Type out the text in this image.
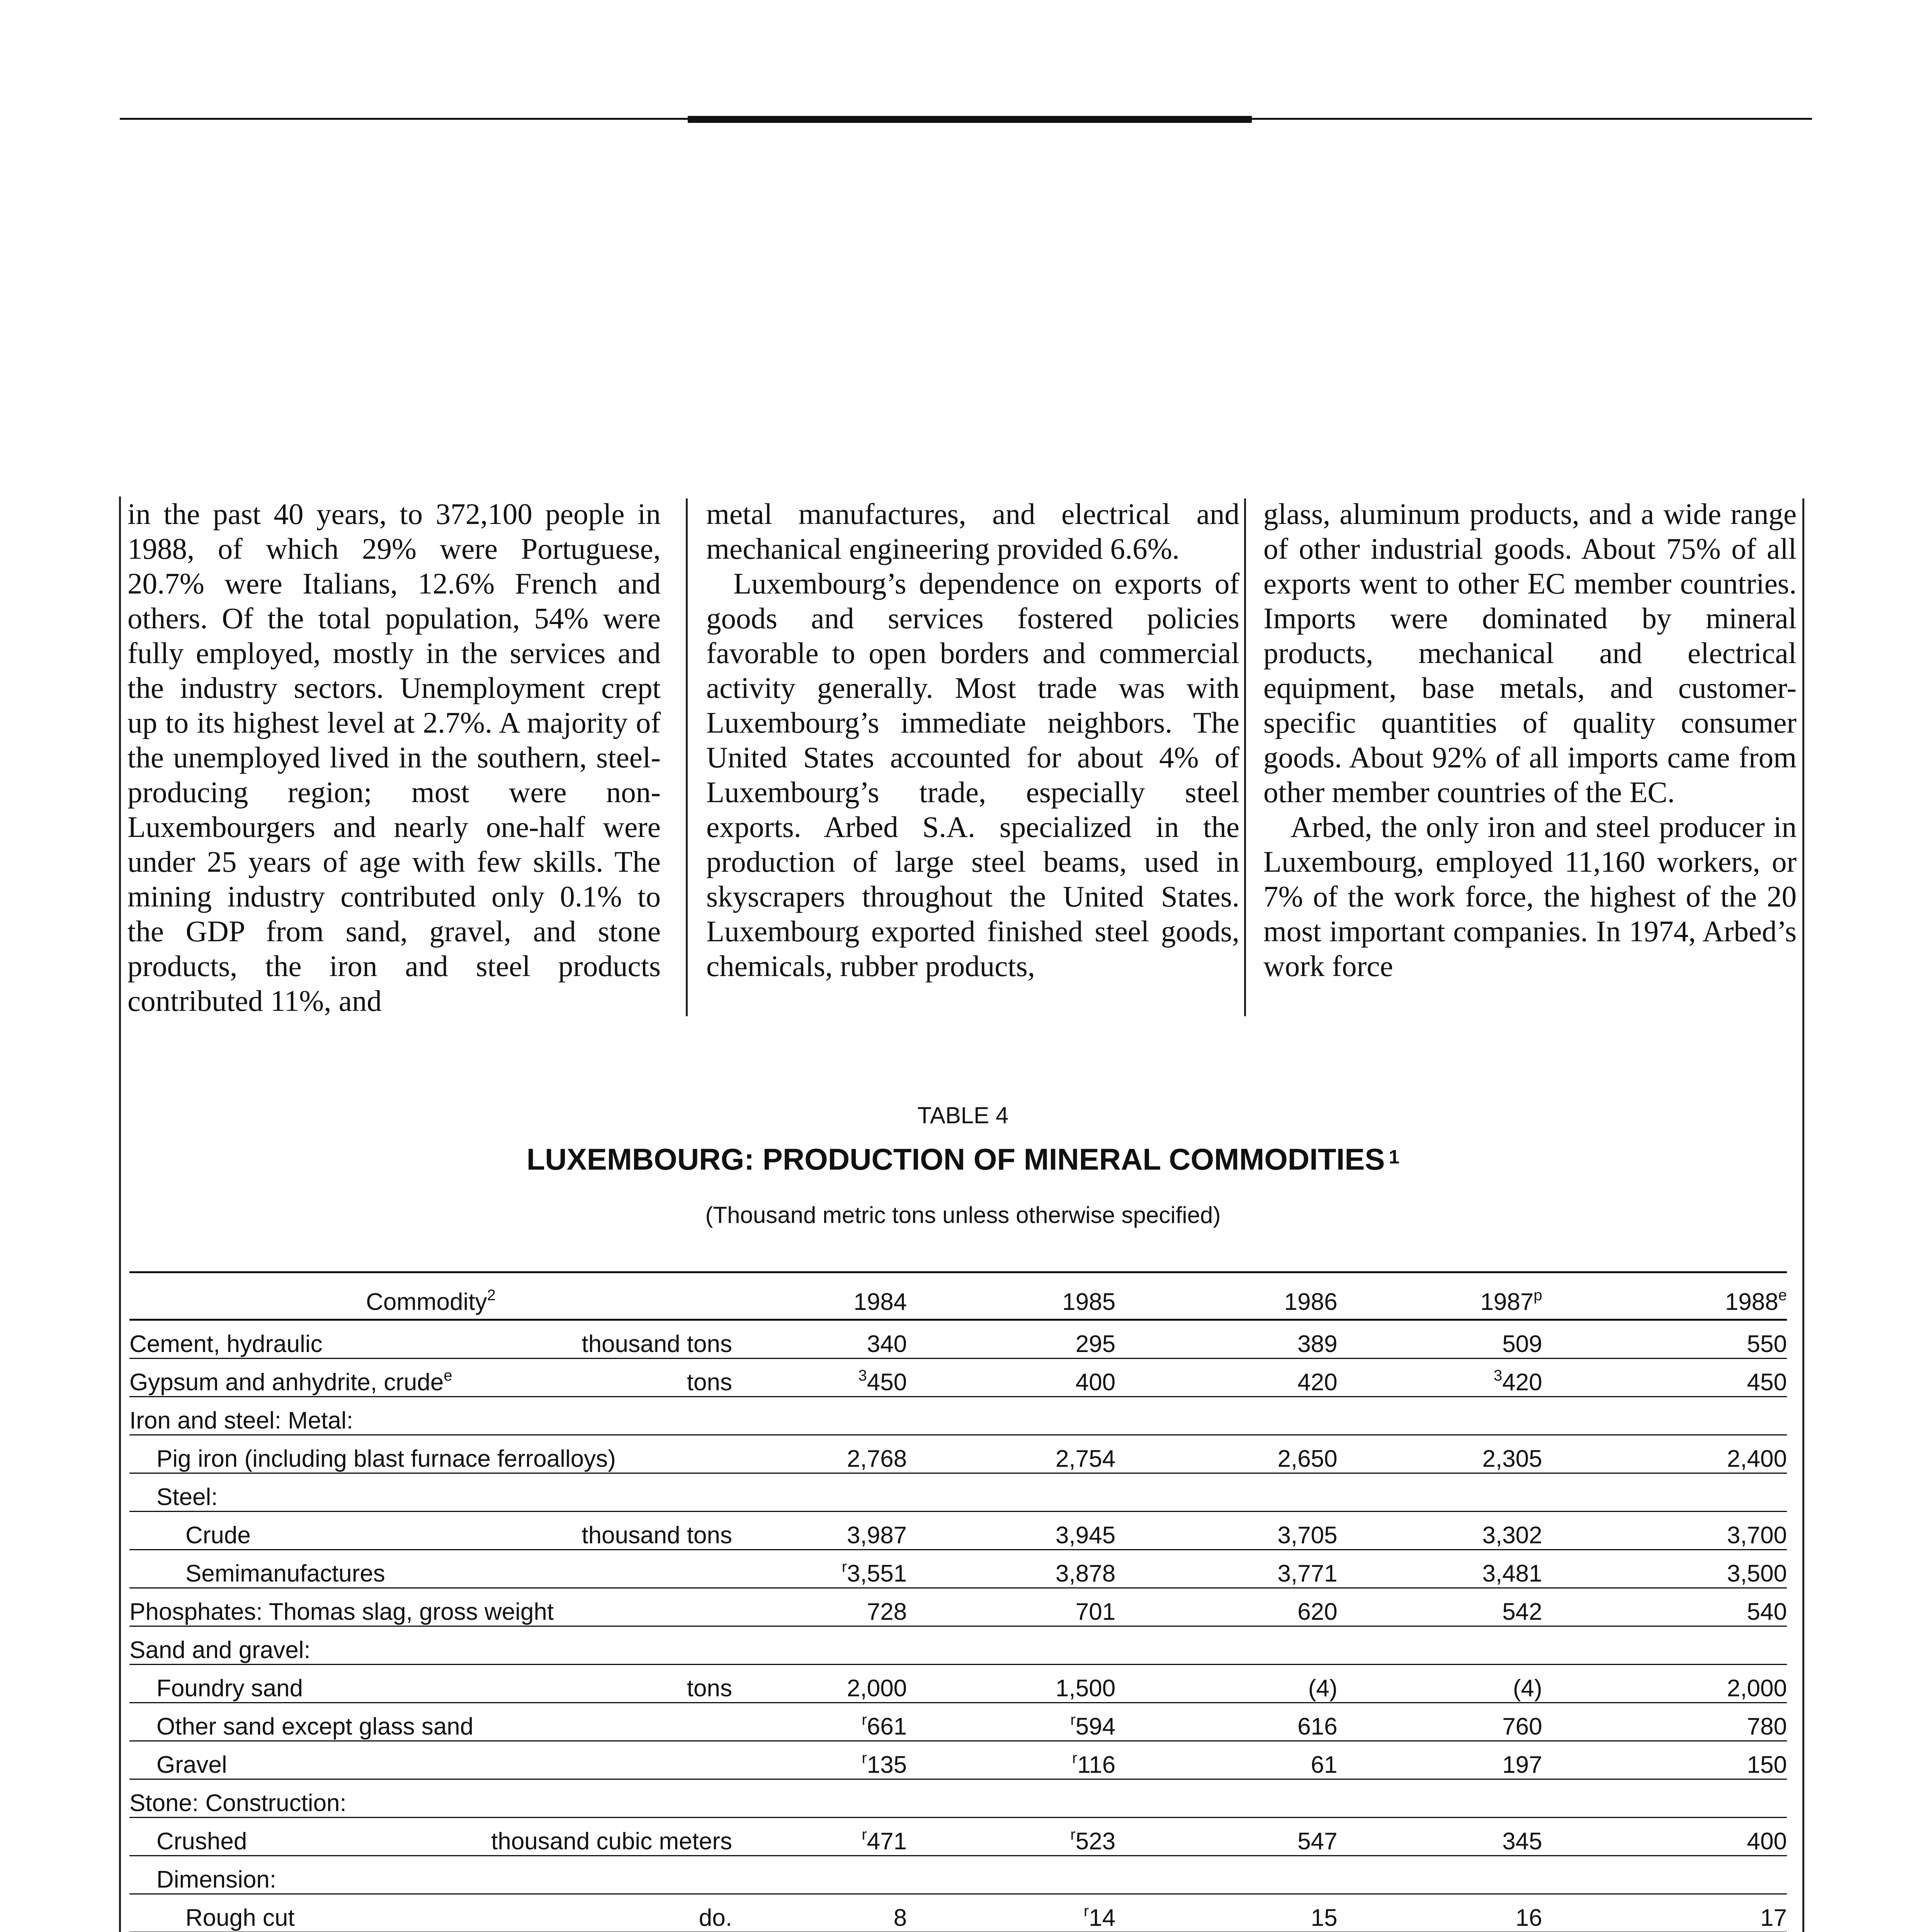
in the past 40 years, to 372,100 people in 1988, of which 29% were Portuguese, 20.7% were Italians, 12.6% French and others. Of the total population, 54% were fully employed, mostly in the services and the industry sectors. Unemployment crept up to its highest level at 2.7%. A majority of the unemployed lived in the southern, steel-producing region; most were non-Luxembourgers and nearly one-half were under 25 years of age with few skills. The mining industry contributed only 0.1% to the GDP from sand, gravel, and stone products, the iron and steel products contributed 11%, and

metal manufactures, and electrical and mechanical engineering provided 6.6%.

Luxembourg’s dependence on exports of goods and services fostered policies favorable to open borders and commercial activity generally. Most trade was with Luxembourg’s immediate neighbors. The United States accounted for about 4% of Luxembourg’s trade, especially steel exports. Arbed S.A. specialized in the production of large steel beams, used in skyscrapers throughout the United States. Luxembourg exported finished steel goods, chemicals, rubber products,

glass, aluminum products, and a wide range of other industrial goods. About 75% of all exports went to other EC member countries. Imports were dominated by mineral products, mechanical and electrical equipment, base metals, and customer-specific quantities of quality consumer goods. About 92% of all imports came from other member countries of the EC.

Arbed, the only iron and steel producer in Luxembourg, employed 11,160 workers, or 7% of the work force, the highest of the 20 most important companies. In 1974, Arbed’s work force

TABLE 4
LUXEMBOURG: PRODUCTION OF MINERAL COMMODITIES $^1$
(Thousand metric tons unless otherwise specified)
Commodity$^2$	1984	1985	1986	1987$^p$	1988e

Cement, hydraulic thousand tons	340	295	389	509	550

Gypsum and anhydrite, crude$^e$ tons	$^3$450	400	420	$^3$420	450

Iron and steel: Metal:					

Pig iron (including blast furnace ferroalloys)	2,768	2,754	2,650	2,305	2,400

Steel:					

Crude thousand tons	3,987	3,945	3,705	3,302	3,700

Semimanufactures	$^r$3,551	3,878	3,771	3,481	3,500

Phosphates: Thomas slag, gross weight	728	701	620	542	540

Sand and gravel:					

Foundry sand tons	2,000	1,500	(4)	(4)	2,000

Other sand except glass sand	$^r$661	$^r$594	616	760	780

Gravel	$^r$135	$^r$116	61	197	150

Stone: Construction:					

Crushed thousand cubic meters	$^r$471	$^r$523	547	345	400

Dimension:					

Rough cut do.	8	$^r$14	15	16	17
